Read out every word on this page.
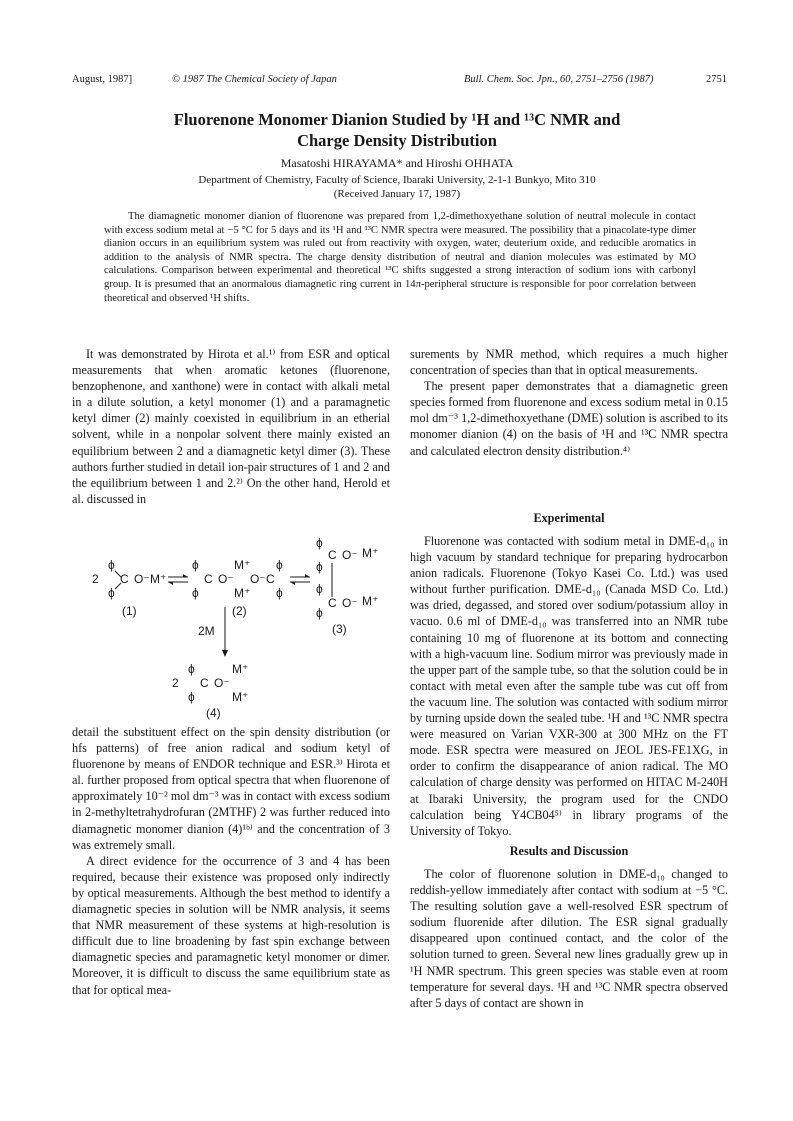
August, 1987]	© 1987 The Chemical Society of Japan	Bull. Chem. Soc. Jpn., 60, 2751–2756 (1987)	2751
Fluorenone Monomer Dianion Studied by ¹H and ¹³C NMR and
Charge Density Distribution
Masatoshi HIRAYAMA* and Hiroshi OHHATA
Department of Chemistry, Faculty of Science, Ibaraki University, 2-1-1 Bunkyo, Mito 310
(Received January 17, 1987)
The diamagnetic monomer dianion of fluorenone was prepared from 1,2-dimethoxyethane solution of neutral molecule in contact with excess sodium metal at −5 °C for 5 days and its ¹H and ¹³C NMR spectra were measured. The possibility that a pinacolate-type dimer dianion occurs in an equilibrium system was ruled out from reactivity with oxygen, water, deuterium oxide, and reducible aromatics in addition to the analysis of NMR spectra. The charge density distribution of neutral and dianion molecules was estimated by MO calculations. Comparison between experimental and theoretical ¹³C shifts suggested a strong interaction of sodium ions with carbonyl group. It is presumed that an anormalous diamagnetic ring current in 14π-peripheral structure is responsible for poor correlation between theoretical and observed ¹H shifts.

It was demonstrated by Hirota et al.¹⁾ from ESR and optical measurements that when aromatic ketones (fluorenone, benzophenone, and xanthone) were in contact with alkali metal in a dilute solution, a ketyl monomer (1) and a paramagnetic ketyl dimer (2) mainly coexisted in equilibrium in an etherial solvent, while in a nonpolar solvent there mainly existed an equilibrium between 2 and a diamagnetic ketyl dimer (3). These authors further studied in detail ion-pair structures of 1 and 2 and the equilibrium between 1 and 2.²⁾ On the other hand, Herold et al. discussed in

2
ϕ
ϕ
C O⁻ M⁺
(1)
ϕ
ϕ
C O⁻
M⁺
M⁺
O⁻ C
ϕ
ϕ
(2)
ϕ
ϕ
C O⁻ M⁺
ϕ
ϕ
C O⁻ M⁺
(3)
2M
2
ϕ
ϕ
C O⁻
M⁺
M⁺
(4)

detail the substituent effect on the spin density distribution (or hfs patterns) of free anion radical and sodium ketyl of fluorenone by means of ENDOR technique and ESR.³⁾ Hirota et al. further proposed from optical spectra that when fluorenone of approximately 10⁻² mol dm⁻³ was in contact with excess sodium in 2-methyltetrahydrofuran (2MTHF) 2 was further reduced into diamagnetic monomer dianion (4)¹ᵇ⁾ and the concentration of 3 was extremely small.

A direct evidence for the occurrence of 3 and 4 has been required, because their existence was proposed only indirectly by optical measurements. Although the best method to identify a diamagnetic species in solution will be NMR analysis, it seems that NMR measurement of these systems at high-resolution is difficult due to line broadening by fast spin exchange between diamagnetic species and paramagnetic ketyl monomer or dimer. Moreover, it is difficult to discuss the same equilibrium state as that for optical mea-

surements by NMR method, which requires a much higher concentration of species than that in optical measurements.

The present paper demonstrates that a diamagnetic green species formed from fluorenone and excess sodium metal in 0.15 mol dm⁻³ 1,2-dimethoxyethane (DME) solution is ascribed to its monomer dianion (4) on the basis of ¹H and ¹³C NMR spectra and calculated electron density distribution.⁴⁾

Experimental

Fluorenone was contacted with sodium metal in DME-d₁₀ in high vacuum by standard technique for preparing hydrocarbon anion radicals. Fluorenone (Tokyo Kasei Co. Ltd.) was used without further purification. DME-d₁₀ (Canada MSD Co. Ltd.) was dried, degassed, and stored over sodium/potassium alloy in vacuo. 0.6 ml of DME-d₁₀ was transferred into an NMR tube containing 10 mg of fluorenone at its bottom and connecting with a high-vacuum line. Sodium mirror was previously made in the upper part of the sample tube, so that the solution could be in contact with metal even after the sample tube was cut off from the vacuum line. The solution was contacted with sodium mirror by turning upside down the sealed tube. ¹H and ¹³C NMR spectra were measured on Varian VXR-300 at 300 MHz on the FT mode. ESR spectra were measured on JEOL JES-FE1XG, in order to confirm the disappearance of anion radical. The MO calculation of charge density was performed on HITAC M-240H at Ibaraki University, the program used for the CNDO calculation being Y4CB04⁵⁾ in library programs of the University of Tokyo.

Results and Discussion

The color of fluorenone solution in DME-d₁₀ changed to reddish-yellow immediately after contact with sodium at −5 °C. The resulting solution gave a well-resolved ESR spectrum of sodium fluorenide after dilution. The ESR signal gradually disappeared upon continued contact, and the color of the solution turned to green. Several new lines gradually grew up in ¹H NMR spectrum. This green species was stable even at room temperature for several days. ¹H and ¹³C NMR spectra observed after 5 days of contact are shown in
